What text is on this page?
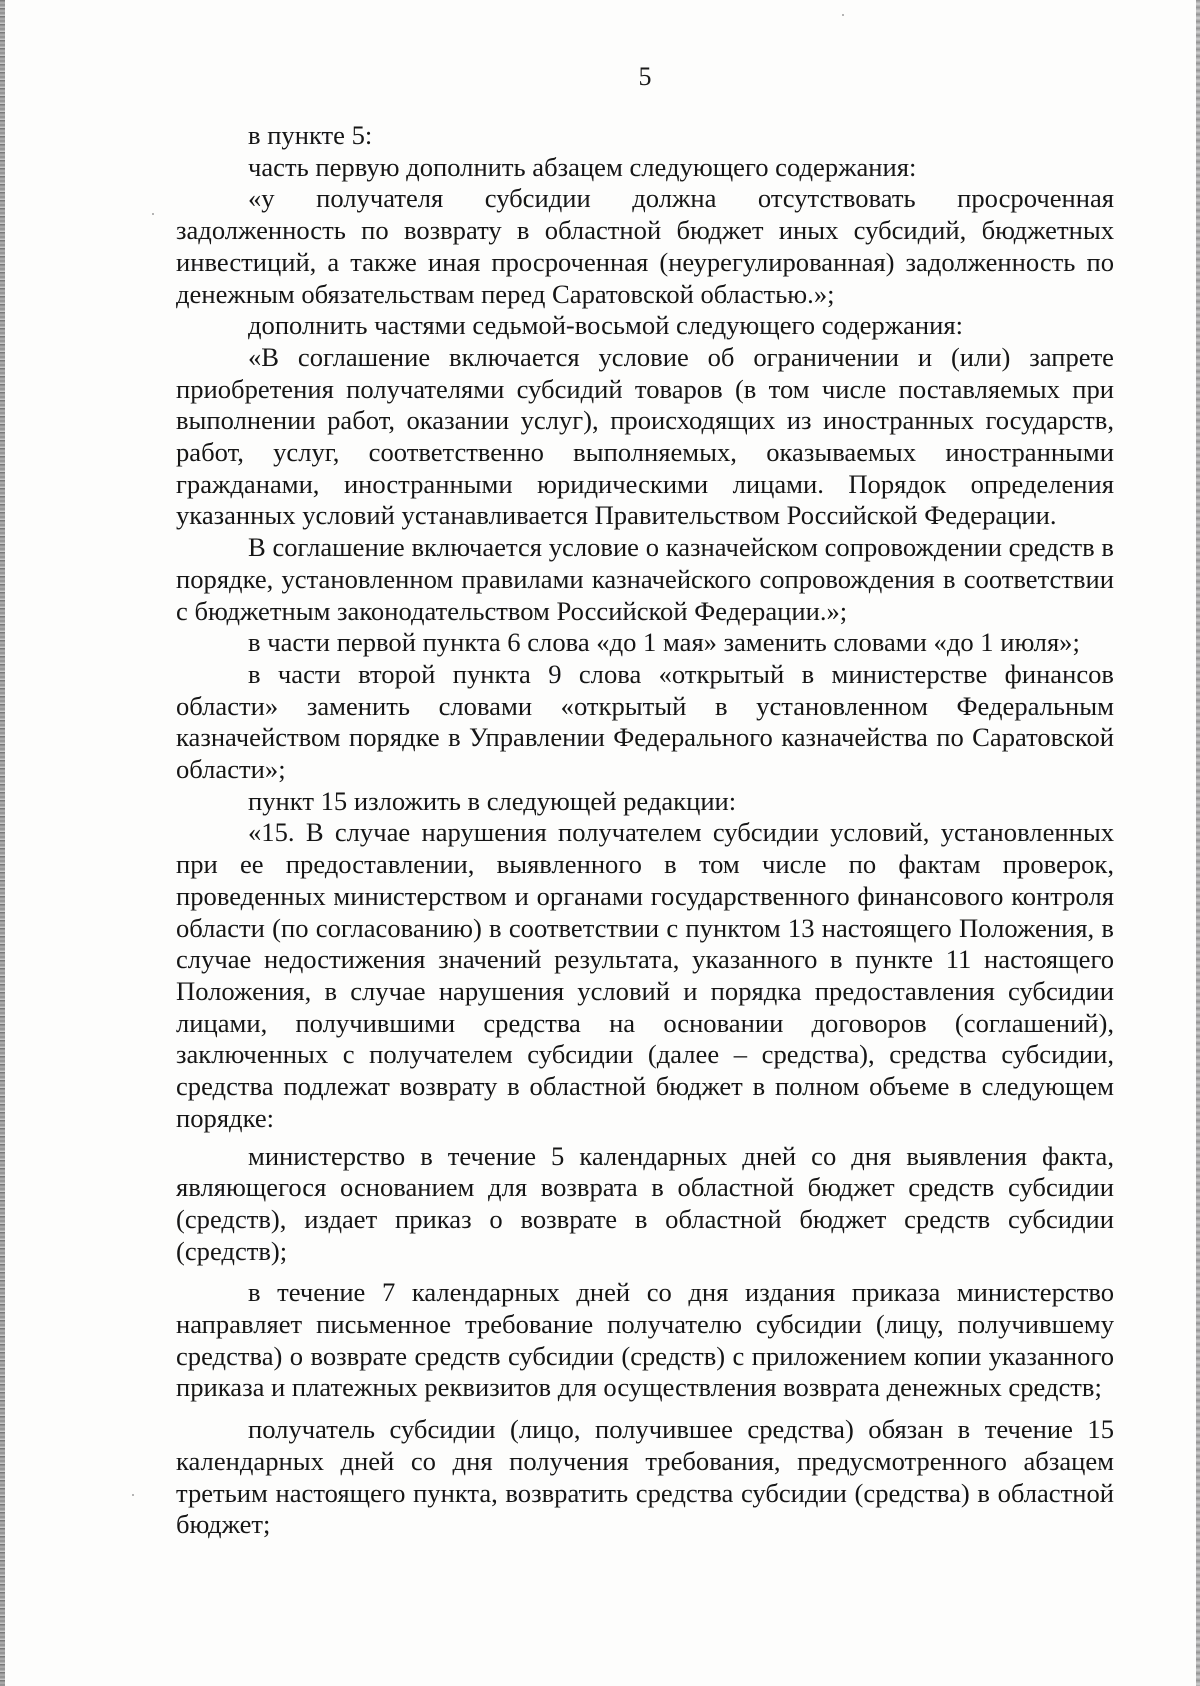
5

в пункте 5:

часть первую дополнить абзацем следующего содержания:

«у получателя субсидии должна отсутствовать просроченная задолженность по возврату в областной бюджет иных субсидий, бюджетных инвестиций, а также иная просроченная (неурегулированная) задолженность по денежным обязательствам перед Саратовской областью.»;

дополнить частями седьмой-восьмой следующего содержания:

«В соглашение включается условие об ограничении и (или) запрете приобретения получателями субсидий товаров (в том числе поставляемых при выполнении работ, оказании услуг), происходящих из иностранных государств, работ, услуг, соответственно выполняемых, оказываемых иностранными гражданами, иностранными юридическими лицами. Порядок определения указанных условий устанавливается Правительством Российской Федерации.

В соглашение включается условие о казначейском сопровождении средств в порядке, установленном правилами казначейского сопровождения в соответствии с бюджетным законодательством Российской Федерации.»;

в части первой пункта 6 слова «до 1 мая» заменить словами «до 1 июля»;

в части второй пункта 9 слова «открытый в министерстве финансов области» заменить словами «открытый в установленном Федеральным казначейством порядке в Управлении Федерального казначейства по Саратовской области»;

пункт 15 изложить в следующей редакции:

«15. В случае нарушения получателем субсидии условий, установленных при ее предоставлении, выявленного в том числе по фактам проверок, проведенных министерством и органами государственного финансового контроля области (по согласованию) в соответствии с пунктом 13 настоящего Положения, в случае недостижения значений результата, указанного в пункте 11 настоящего Положения, в случае нарушения условий и порядка предоставления субсидии лицами, получившими средства на основании договоров (соглашений), заключенных с получателем субсидии (далее – средства), средства субсидии, средства подлежат возврату в областной бюджет в полном объеме в следующем порядке:

министерство в течение 5 календарных дней со дня выявления факта, являющегося основанием для возврата в областной бюджет средств субсидии (средств), издает приказ о возврате в областной бюджет средств субсидии (средств);

в течение 7 календарных дней со дня издания приказа министерство направляет письменное требование получателю субсидии (лицу, получившему средства) о возврате средств субсидии (средств) с приложением копии указанного приказа и платежных реквизитов для осуществления возврата денежных средств;

получатель субсидии (лицо, получившее средства) обязан в течение 15 календарных дней со дня получения требования, предусмотренного абзацем третьим настоящего пункта, возвратить средства субсидии (средства) в областной бюджет;
